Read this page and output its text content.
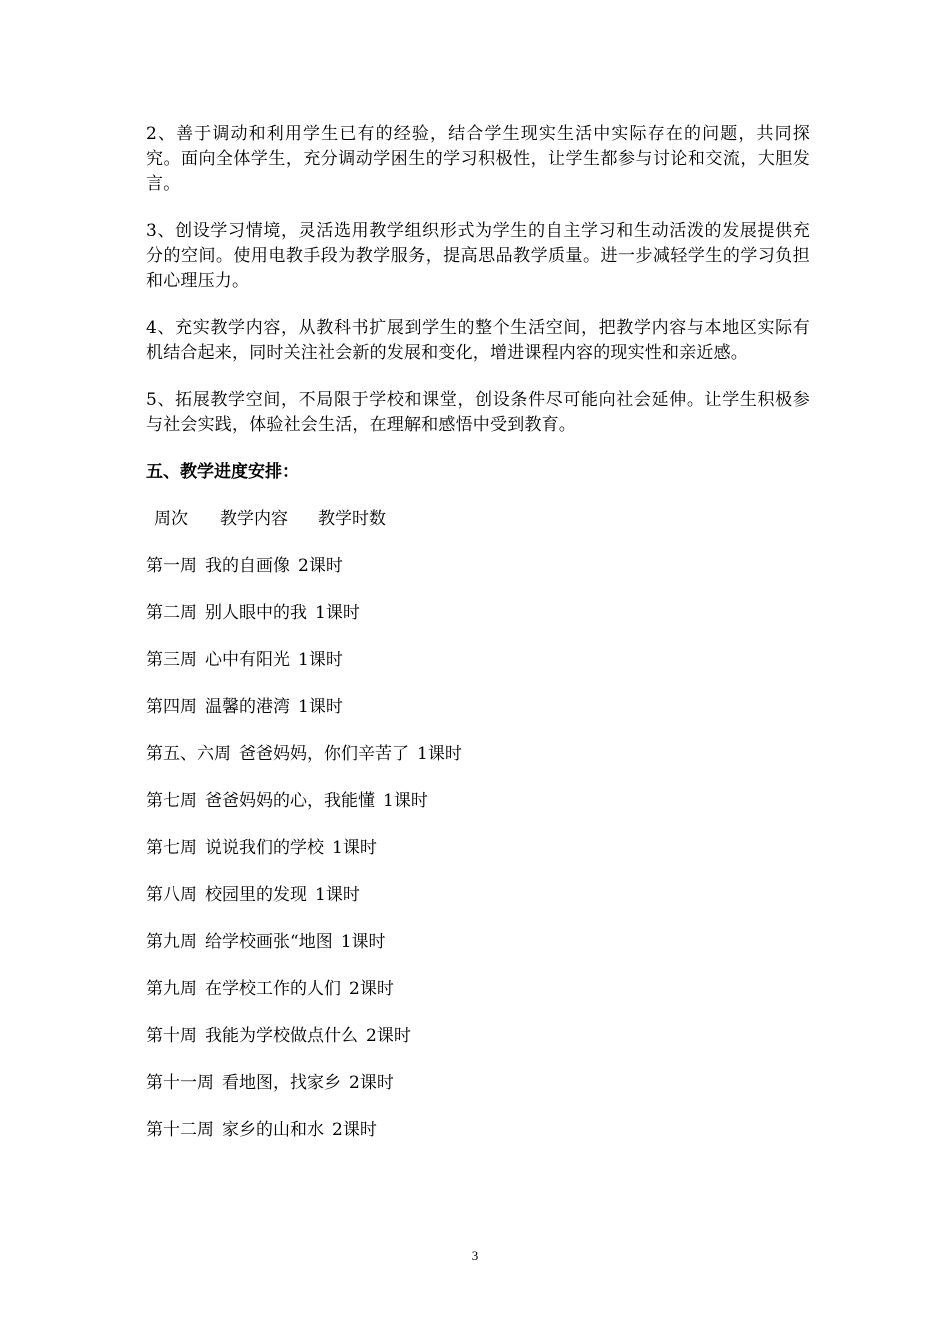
2、善于调动和利用学生已有的经验，结合学生现实生活中实际存在的问题，共同探究。面向全体学生，充分调动学困生的学习积极性，让学生都参与讨论和交流，大胆发言。

3、创设学习情境，灵活选用教学组织形式为学生的自主学习和生动活泼的发展提供充分的空间。使用电教手段为教学服务，提高思品教学质量。进一步减轻学生的学习负担和心理压力。

4、充实教学内容，从教科书扩展到学生的整个生活空间，把教学内容与本地区实际有机结合起来，同时关注社会新的发展和变化，增进课程内容的现实性和亲近感。

5、拓展教学空间，不局限于学校和课堂，创设条件尽可能向社会延伸。让学生积极参与社会实践，体验社会生活，在理解和感悟中受到教育。

五、教学进度安排：
周次 教学内容 教学时数
第一周 我的自画像 2课时
第二周 别人眼中的我 1课时
第三周 心中有阳光 1课时
第四周 温馨的港湾 1课时
第五、六周 爸爸妈妈，你们辛苦了 1课时
第七周 爸爸妈妈的心，我能懂 1课时
第七周 说说我们的学校 1课时
第八周 校园里的发现 1课时
第九周 给学校画张“地图 1课时
第九周 在学校工作的人们 2课时
第十周 我能为学校做点什么 2课时
第十一周 看地图，找家乡 2课时
第十二周 家乡的山和水 2课时
3
